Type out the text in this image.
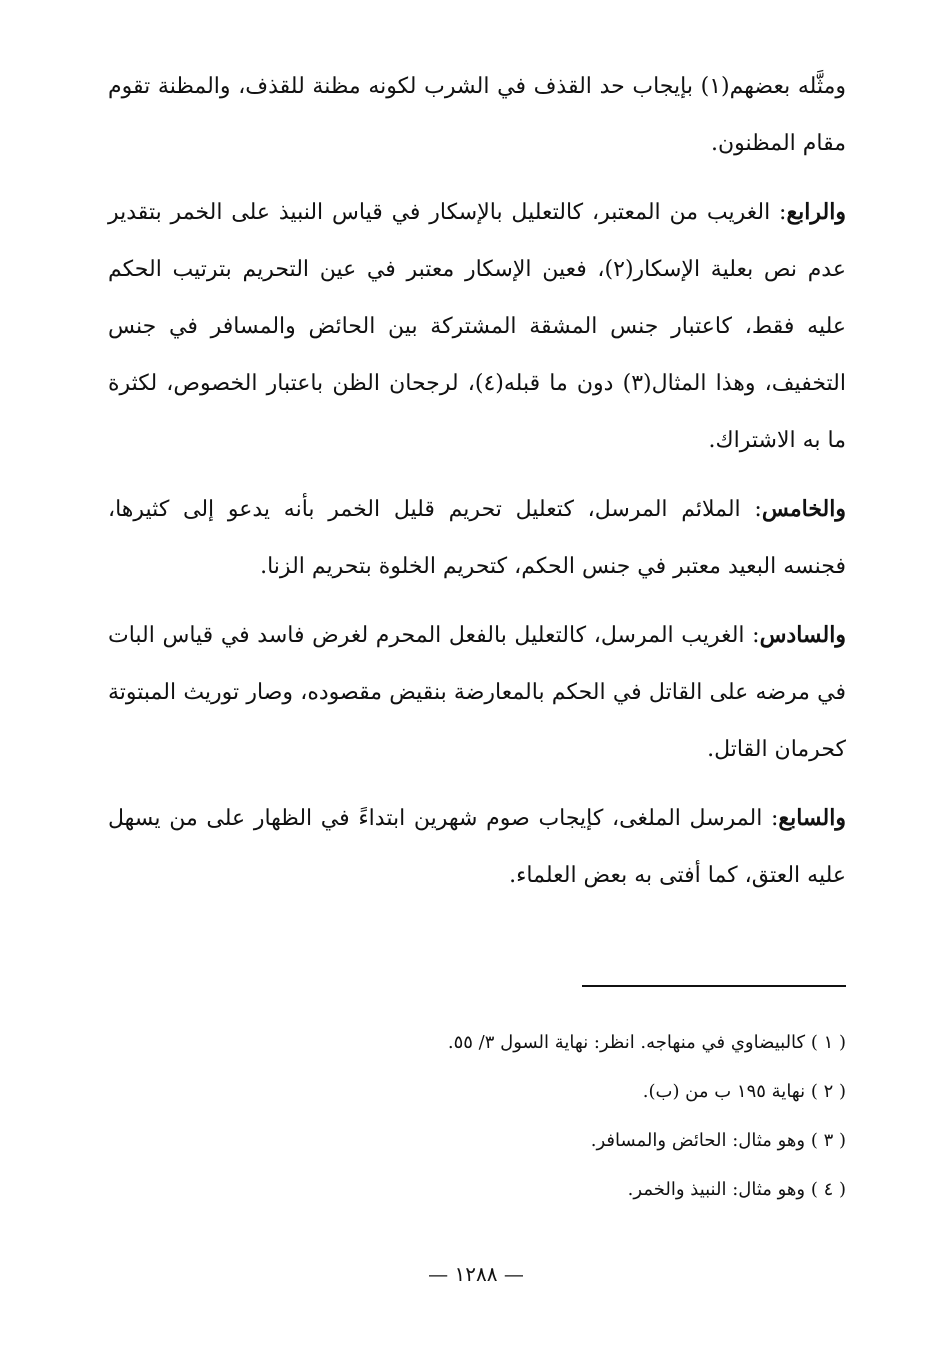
ومثَّله بعضهم(١) بإيجاب حد القذف في الشرب لكونه مظنة للقذف، والمظنة تقوم مقام المظنون.

والرابع: الغريب من المعتبر، كالتعليل بالإسكار في قياس النبيذ على الخمر بتقدير عدم نص بعلية الإسكار(٢)، فعين الإسكار معتبر في عين التحريم بترتيب الحكم عليه فقط، كاعتبار جنس المشقة المشتركة بين الحائض والمسافر في جنس التخفيف، وهذا المثال(٣) دون ما قبله(٤)، لرجحان الظن باعتبار الخصوص، لكثرة ما به الاشتراك.

والخامس: الملائم المرسل، كتعليل تحريم قليل الخمر بأنه يدعو إلى كثيرها، فجنسه البعيد معتبر في جنس الحكم، كتحريم الخلوة بتحريم الزنا.

والسادس: الغريب المرسل، كالتعليل بالفعل المحرم لغرض فاسد في قياس البات في مرضه على القاتل في الحكم بالمعارضة بنقيض مقصوده، وصار توريث المبتوتة كحرمان القاتل.

والسابع: المرسل الملغى، كإيجاب صوم شهرين ابتداءً في الظهار على من يسهل عليه العتق، كما أفتى به بعض العلماء.

( ١ ) كالبيضاوي في منهاجه. انظر: نهاية السول ٣/ ٥٥.
( ٢ ) نهاية ١٩٥ ب من (ب).
( ٣ ) وهو مثال: الحائض والمسافر.
( ٤ ) وهو مثال: النبيذ والخمر.
— ١٢٨٨ —
